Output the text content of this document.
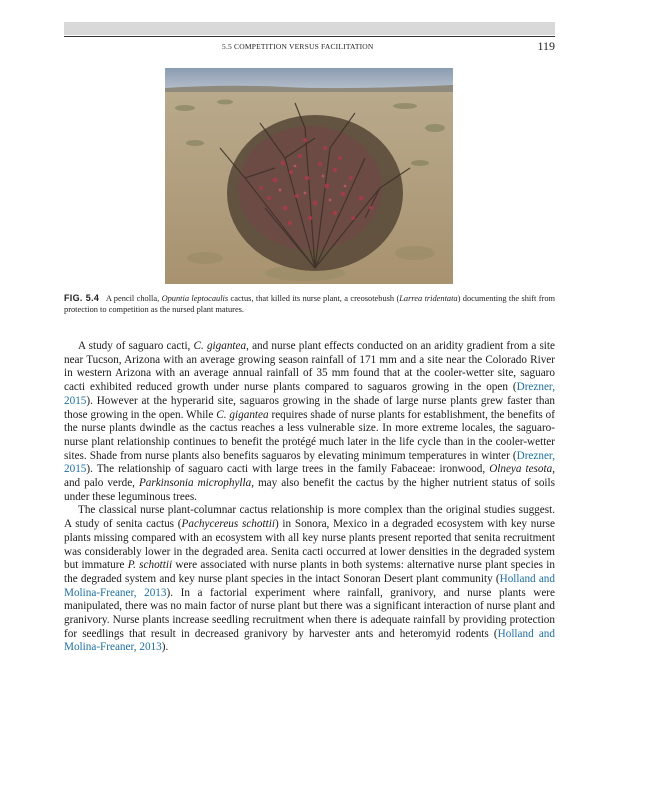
5.5 COMPETITION VERSUS FACILITATION	119
FIG. 5.4 A pencil cholla, Opuntia leptocaulis cactus, that killed its nurse plant, a creosotebush (Larrea tridentata) documenting the shift from protection to competition as the nursed plant matures.

A study of saguaro cacti, C. gigantea, and nurse plant effects conducted on an aridity gradient from a site near Tucson, Arizona with an average growing season rainfall of 171 mm and a site near the Colorado River in western Arizona with an average annual rainfall of 35 mm found that at the cooler-wetter site, saguaro cacti exhibited reduced growth under nurse plants compared to saguaros growing in the open (Drezner, 2015). However at the hyperarid site, saguaros growing in the shade of large nurse plants grew faster than those growing in the open. While C. gigantea requires shade of nurse plants for establishment, the benefits of the nurse plants dwindle as the cactus reaches a less vulnerable size. In more extreme locales, the saguaro-nurse plant relationship continues to benefit the protégé much later in the life cycle than in the cooler-wetter sites. Shade from nurse plants also benefits saguaros by elevating minimum temperatures in winter (Drezner, 2015). The relationship of saguaro cacti with large trees in the family Fabaceae: ironwood, Olneya tesota, and palo verde, Parkinsonia microphylla, may also benefit the cactus by the higher nutrient status of soils under these leguminous trees.

The classical nurse plant-columnar cactus relationship is more complex than the original studies suggest. A study of senita cactus (Pachycereus schottii) in Sonora, Mexico in a degraded ecosystem with key nurse plants missing compared with an ecosystem with all key nurse plants present reported that senita recruitment was considerably lower in the degraded area. Senita cacti occurred at lower densities in the degraded system but immature P. schottii were associated with nurse plants in both systems: alternative nurse plant species in the degraded system and key nurse plant species in the intact Sonoran Desert plant community (Holland and Molina-Freaner, 2013). In a factorial experiment where rainfall, granivory, and nurse plants were manipulated, there was no main factor of nurse plant but there was a significant interaction of nurse plant and granivory. Nurse plants increase seedling recruitment when there is adequate rainfall by providing protection for seedlings that result in decreased granivory by harvester ants and heteromyid rodents (Holland and Molina-Freaner, 2013).
